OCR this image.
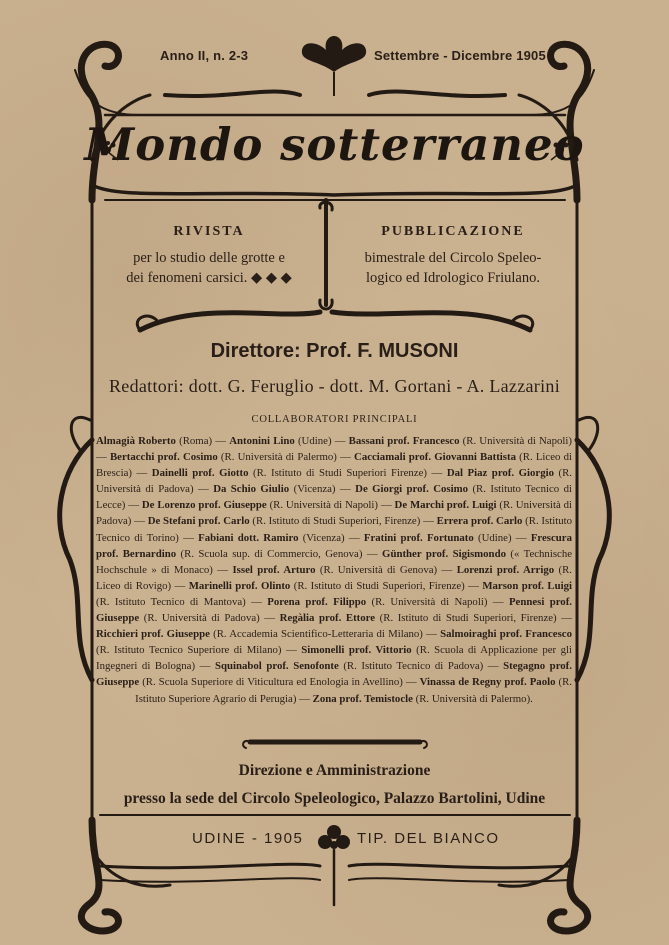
Anno II, n. 2-3	Settembre - Dicembre 1905
Mondo sotterraneo
RIVISTA
per lo studio delle grotte e
dei fenomeni carsici. ◆ ◆ ◆
PUBBLICAZIONE
bimestrale del Circolo Speleo-
logico ed Idrologico Friulano.
Direttore: Prof. F. MUSONI
Redattori: dott. G. Feruglio - dott. M. Gortani - A. Lazzarini
COLLABORATORI PRINCIPALI
Almagià Roberto (Roma) — Antonini Lino (Udine) — Bassani prof. Francesco (R. Università di Napoli) — Bertacchi prof. Cosimo (R. Università di Palermo) — Cacciamali prof. Giovanni Battista (R. Liceo di Brescia) — Dainelli prof. Giotto (R. Istituto di Studi Superiori Firenze) — Dal Piaz prof. Giorgio (R. Università di Padova) — Da Schio Giulio (Vicenza) — De Giorgi prof. Cosimo (R. Istituto Tecnico di Lecce) — De Lorenzo prof. Giuseppe (R. Università di Napoli) — De Marchi prof. Luigi (R. Università di Padova) — De Stefani prof. Carlo (R. Istituto di Studi Superiori, Firenze) — Errera prof. Carlo (R. Istituto Tecnico di Torino) — Fabiani dott. Ramiro (Vicenza) — Fratini prof. Fortunato (Udine) — Frescura prof. Bernardino (R. Scuola sup. di Commercio, Genova) — Günther prof. Sigismondo (« Technische Hochschule » di Monaco) — Issel prof. Arturo (R. Università di Genova) — Lorenzi prof. Arrigo (R. Liceo di Rovigo) — Marinelli prof. Olinto (R. Istituto di Studi Superiori, Firenze) — Marson prof. Luigi (R. Istituto Tecnico di Mantova) — Porena prof. Filippo (R. Università di Napoli) — Pennesi prof. Giuseppe (R. Università di Padova) — Regàlia prof. Ettore (R. Istituto di Studi Superiori, Firenze) — Ricchieri prof. Giuseppe (R. Accademia Scientifico-Letteraria di Milano) — Salmoiraghi prof. Francesco (R. Istituto Tecnico Superiore di Milano) — Simonelli prof. Vittorio (R. Scuola di Applicazione per gli Ingegneri di Bologna) — Squinabol prof. Senofonte (R. Istituto Tecnico di Padova) — Stegagno prof. Giuseppe (R. Scuola Superiore di Viticultura ed Enologia in Avellino) — Vinassa de Regny prof. Paolo (R. Istituto Superiore Agrario di Perugia) — Zona prof. Temistocle (R. Università di Palermo).
Direzione e Amministrazione
presso la sede del Circolo Speleologico, Palazzo Bartolini, Udine
UDINE - 1905	TIP. DEL BIANCO
